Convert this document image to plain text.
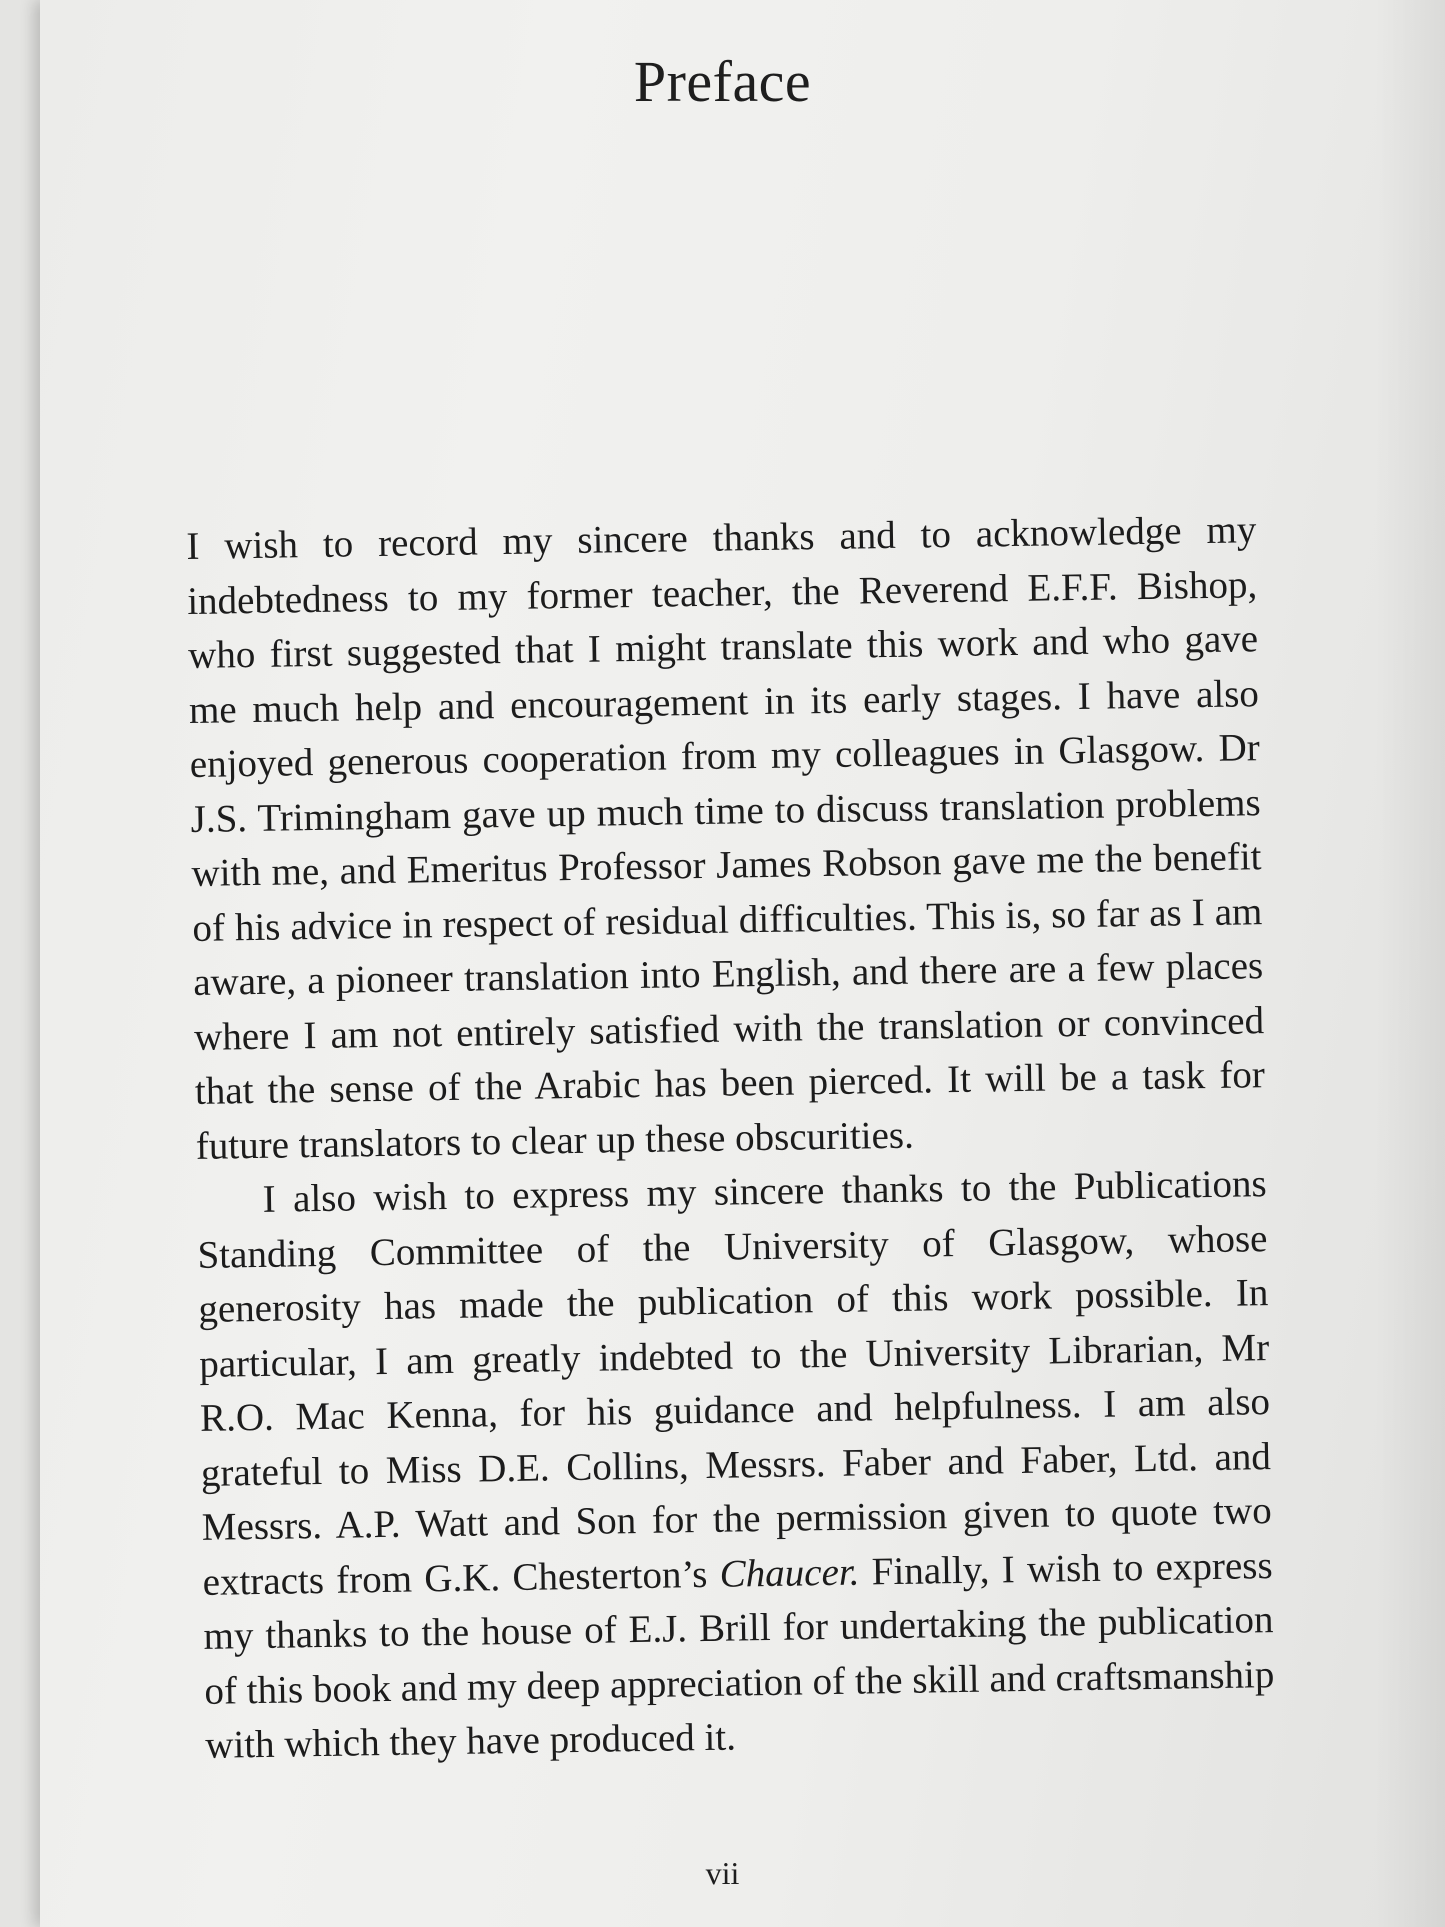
Preface

I wish to record my sincere thanks and to acknowledge my indebtedness to my former teacher, the Reverend E.F.F. Bishop, who first suggested that I might translate this work and who gave me much help and encouragement in its early stages. I have also enjoyed generous cooperation from my colleagues in Glasgow. Dr J.S. Trimingham gave up much time to discuss translation problems with me, and Emeritus Professor James Robson gave me the benefit of his advice in respect of residual difficulties. This is, so far as I am aware, a pioneer translation into English, and there are a few places where I am not entirely satisfied with the translation or convinced that the sense of the Arabic has been pierced. It will be a task for future translators to clear up these obscurities.

I also wish to express my sincere thanks to the Publications Standing Committee of the University of Glasgow, whose generosity has made the publication of this work possible. In particular, I am greatly indebted to the University Librarian, Mr R.O. Mac Kenna, for his guidance and helpfulness. I am also grateful to Miss D.E. Collins, Messrs. Faber and Faber, Ltd. and Messrs. A.P. Watt and Son for the permission given to quote two extracts from G.K. Chesterton’s Chaucer. Finally, I wish to express my thanks to the house of E.J. Brill for undertaking the publication of this book and my deep appreciation of the skill and craftsmanship with which they have produced it.

vii
